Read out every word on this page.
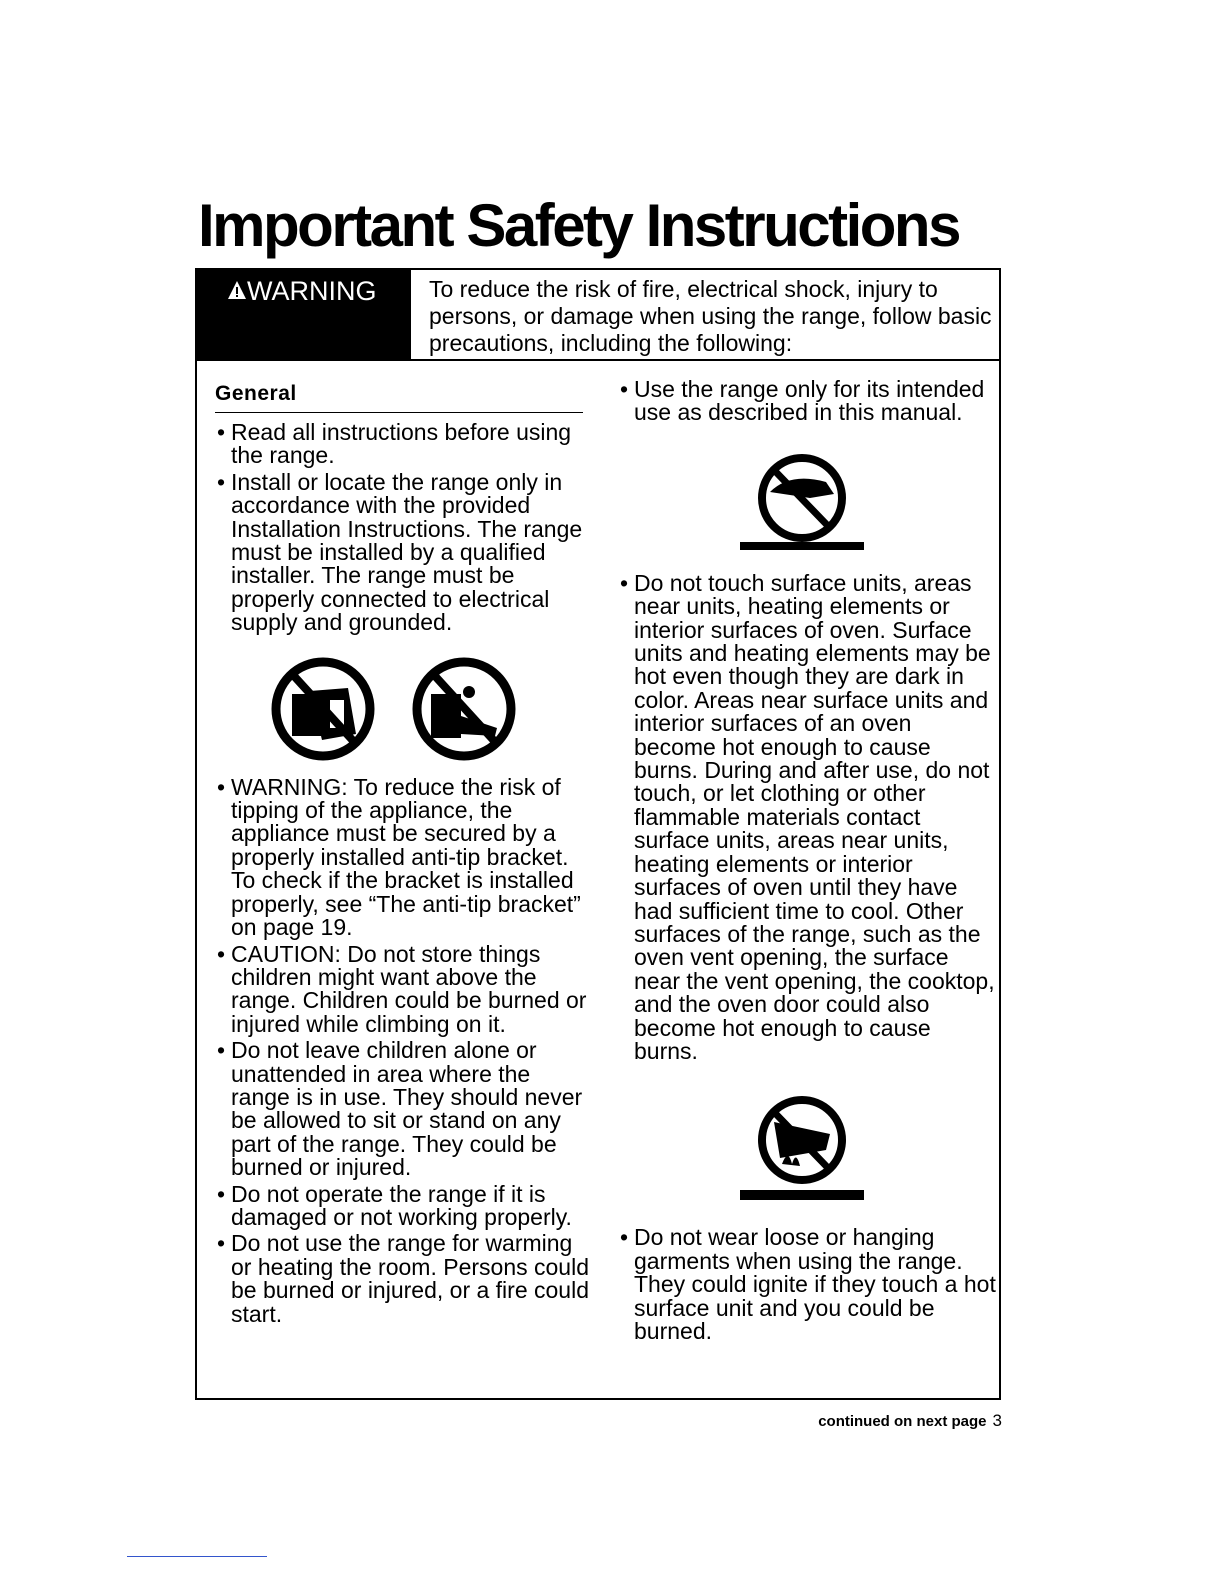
Important Safety Instructions
WARNING	To reduce the risk of fire, electrical shock, injury to persons, or damage when using the range, follow basic precautions, including the following:
General
• Read all instructions before using the range.
• Install or locate the range only in accordance with the provided Installation Instructions. The range must be installed by a qualified installer. The range must be properly connected to electrical supply and grounded.
• WARNING: To reduce the risk of tipping of the appliance, the appliance must be secured by a properly installed anti-tip bracket. To check if the bracket is installed properly, see “The anti-tip bracket” on page 19.
• CAUTION: Do not store things children might want above the range. Children could be burned or injured while climbing on it.
• Do not leave children alone or unattended in area where the range is in use. They should never be allowed to sit or stand on any part of the range. They could be burned or injured.
• Do not operate the range if it is damaged or not working properly.
• Do not use the range for warming or heating the room. Persons could be burned or injured, or a fire could start.
• Use the range only for its intended use as described in this manual.
• Do not touch surface units, areas near units, heating elements or interior surfaces of oven. Surface units and heating elements may be hot even though they are dark in color. Areas near surface units and interior surfaces of an oven become hot enough to cause burns. During and after use, do not touch, or let clothing or other flammable materials contact surface units, areas near units, heating elements or interior surfaces of oven until they have had sufficient time to cool. Other surfaces of the range, such as the oven vent opening, the surface near the vent opening, the cooktop, and the oven door could also become hot enough to cause burns.
• Do not wear loose or hanging garments when using the range. They could ignite if they touch a hot surface unit and you could be burned.
continued on next page 3
